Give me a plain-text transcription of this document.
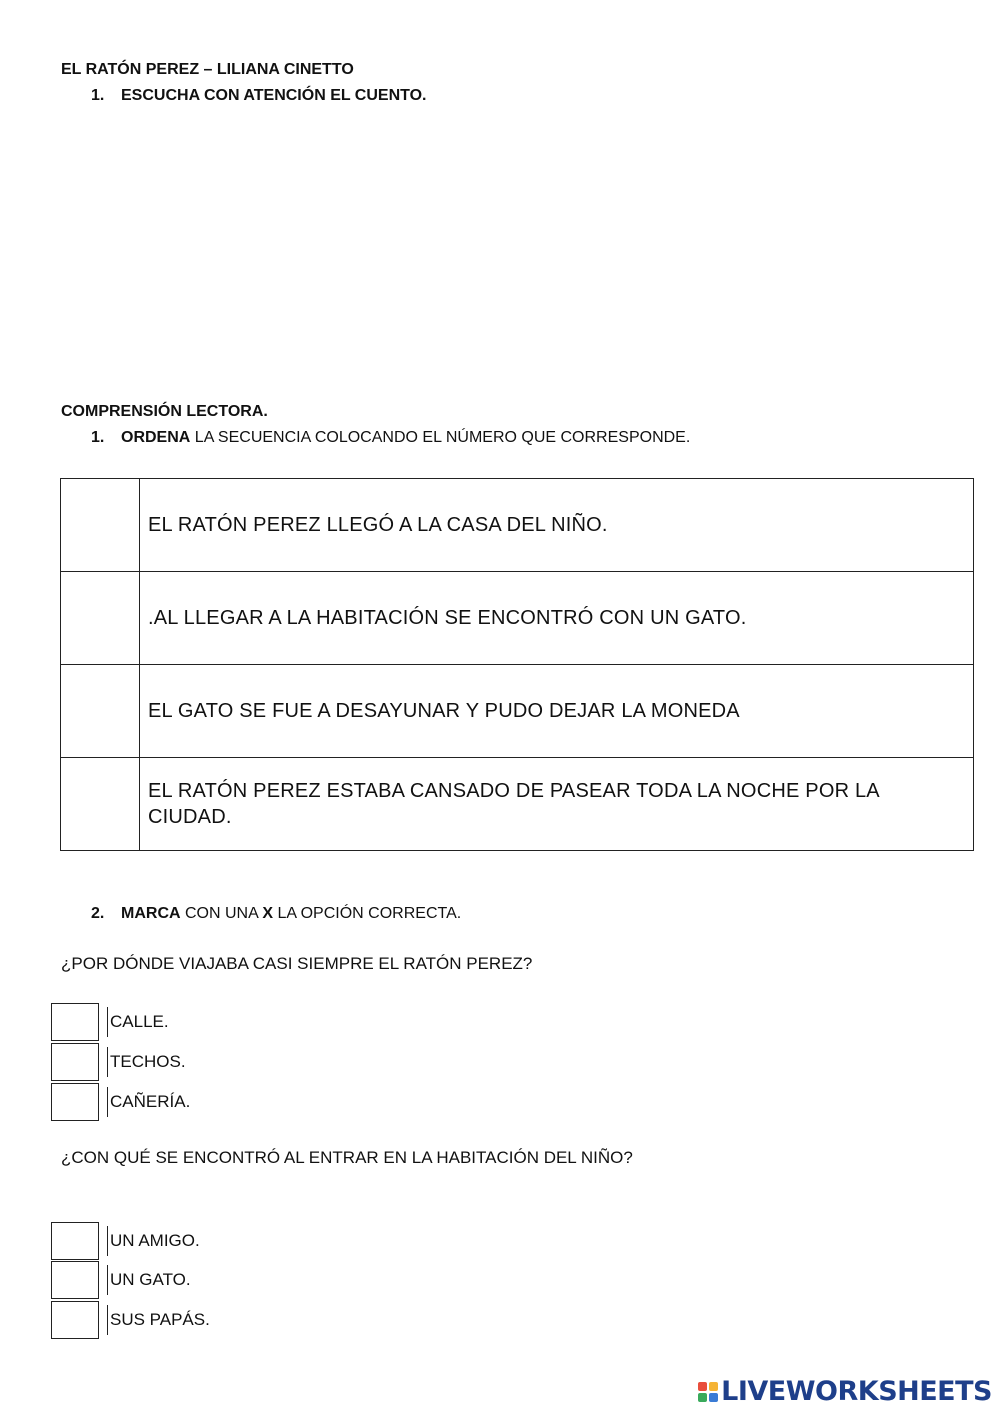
EL RATÓN PEREZ – LILIANA CINETTO
1. ESCUCHA CON ATENCIÓN EL CUENTO.
COMPRENSIÓN LECTORA.
1. ORDENA LA SECUENCIA COLOCANDO EL NÚMERO QUE CORRESPONDE.
	EL RATÓN PEREZ LLEGÓ A LA CASA DEL NIÑO.
	.AL LLEGAR A LA HABITACIÓN SE ENCONTRÓ CON UN GATO.
	EL GATO SE FUE A DESAYUNAR Y PUDO DEJAR LA MONEDA
	EL RATÓN PEREZ ESTABA CANSADO DE PASEAR TODA LA NOCHE POR LA CIUDAD.
2. MARCA CON UNA X LA OPCIÓN CORRECTA.
¿POR DÓNDE VIAJABA CASI SIEMPRE EL RATÓN PEREZ?
CALLE.
TECHOS.
CAÑERÍA.
¿CON QUÉ SE ENCONTRÓ AL ENTRAR EN LA HABITACIÓN DEL NIÑO?
UN AMIGO.
UN GATO.
SUS PAPÁS.
LIVEWORKSHEETS
